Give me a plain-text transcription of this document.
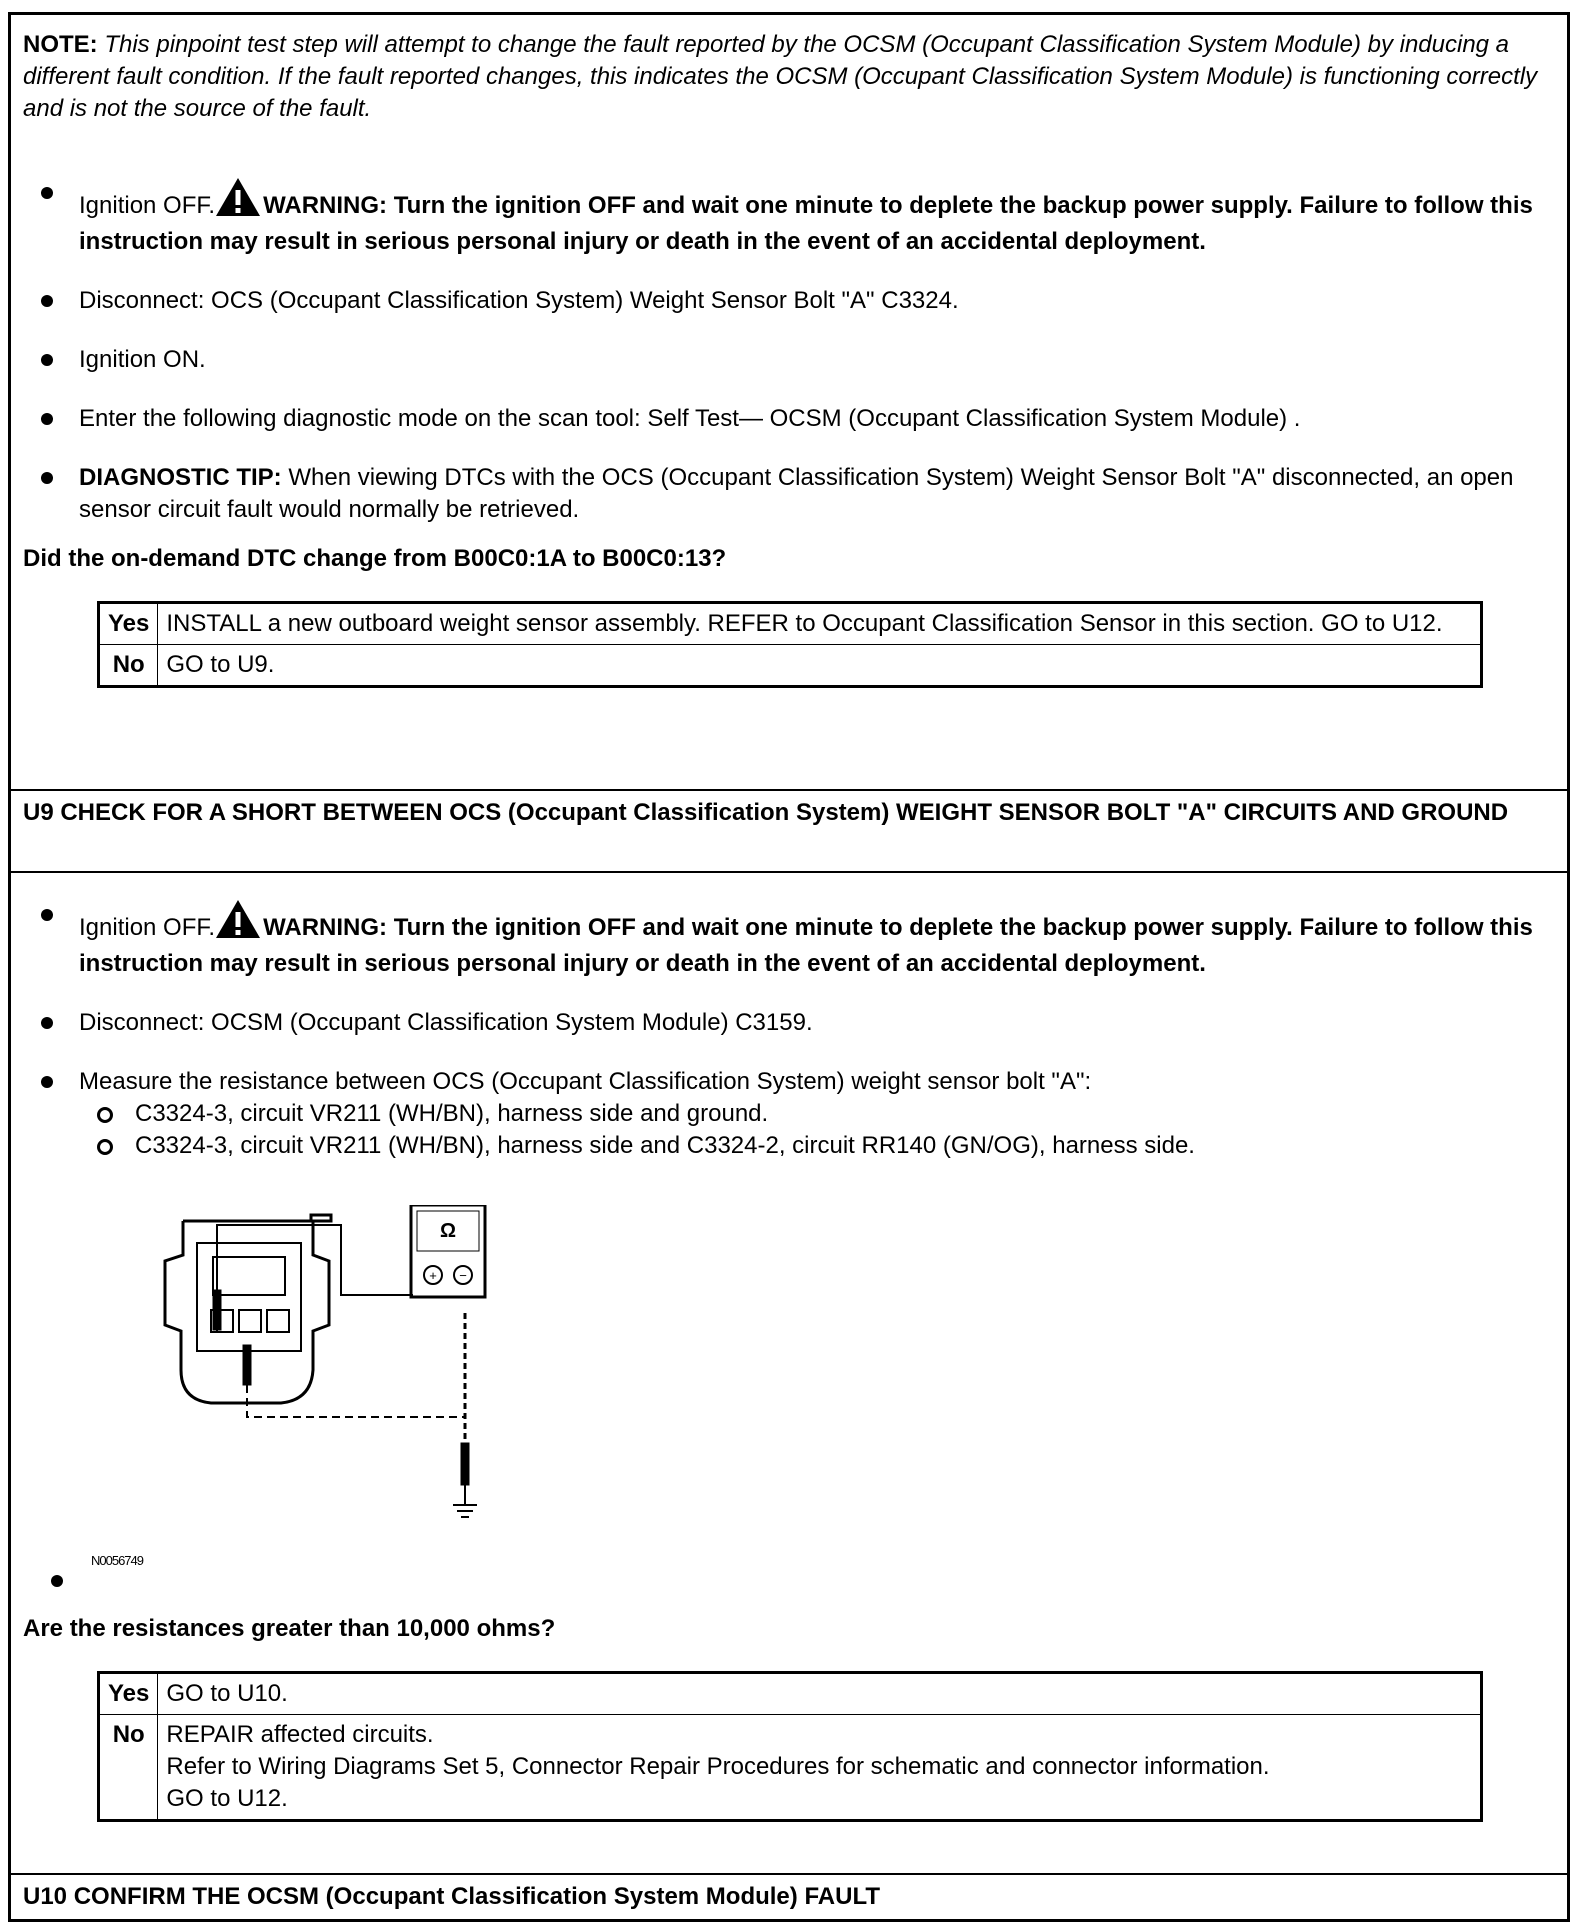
NOTE: This pinpoint test step will attempt to change the fault reported by the OCSM (Occupant Classification System Module) by inducing a different fault condition. If the fault reported changes, this indicates the OCSM (Occupant Classification System Module) is functioning correctly and is not the source of the fault.
Ignition OFF. WARNING: Turn the ignition OFF and wait one minute to deplete the backup power supply. Failure to follow this instruction may result in serious personal injury or death in the event of an accidental deployment.
Disconnect: OCS (Occupant Classification System) Weight Sensor Bolt "A" C3324.
Ignition ON.
Enter the following diagnostic mode on the scan tool: Self Test— OCSM (Occupant Classification System Module) .
DIAGNOSTIC TIP: When viewing DTCs with the OCS (Occupant Classification System) Weight Sensor Bolt "A" disconnected, an open sensor circuit fault would normally be retrieved.
Did the on-demand DTC change from B00C0:1A to B00C0:13?
Yes	INSTALL a new outboard weight sensor assembly. REFER to Occupant Classification Sensor in this section. GO to U12.
No	GO to U9.
U9 CHECK FOR A SHORT BETWEEN OCS (Occupant Classification System) WEIGHT SENSOR BOLT "A" CIRCUITS AND GROUND
Ignition OFF. WARNING: Turn the ignition OFF and wait one minute to deplete the backup power supply. Failure to follow this instruction may result in serious personal injury or death in the event of an accidental deployment.
Disconnect: OCSM (Occupant Classification System Module) C3159.
Measure the resistance between OCS (Occupant Classification System) weight sensor bolt "A":
C3324-3, circuit VR211 (WH/BN), harness side and ground.
C3324-3, circuit VR211 (WH/BN), harness side and C3324-2, circuit RR140 (GN/OG), harness side.
Ω
+ −
N0056749
Are the resistances greater than 10,000 ohms?
Yes	GO to U10.
No	REPAIR affected circuits.
Refer to Wiring Diagrams Set 5, Connector Repair Procedures for schematic and connector information.
GO to U12.
U10 CONFIRM THE OCSM (Occupant Classification System Module) FAULT
